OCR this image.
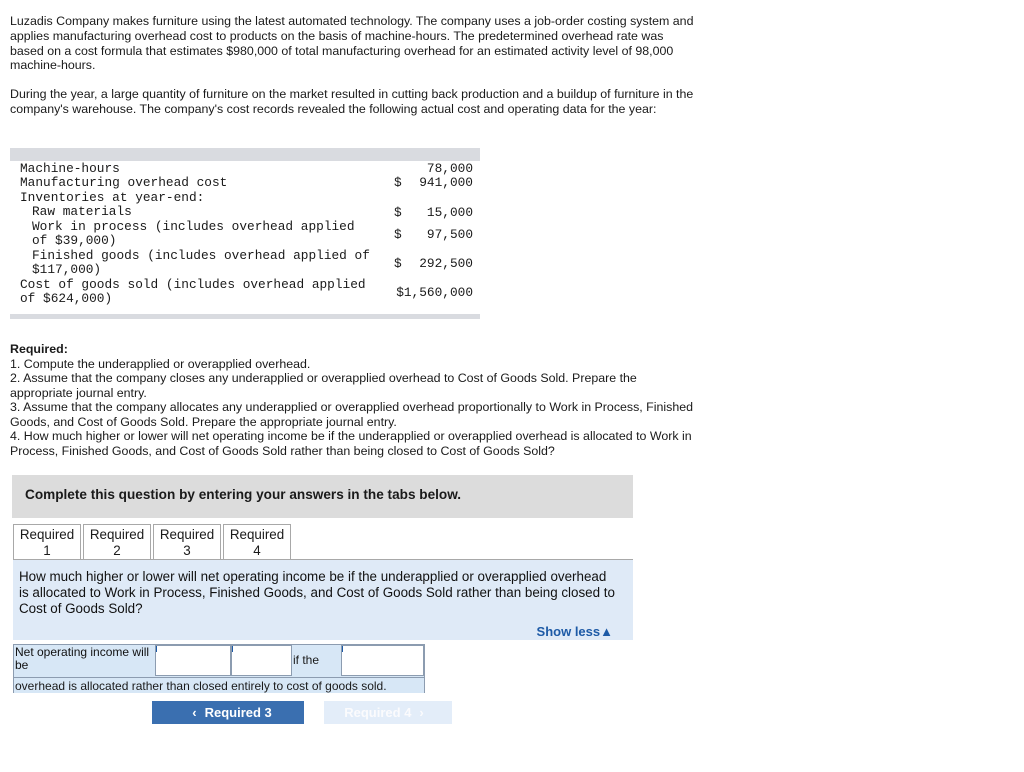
Luzadis Company makes furniture using the latest automated technology. The company uses a job-order costing system and applies manufacturing overhead cost to products on the basis of machine-hours. The predetermined overhead rate was based on a cost formula that estimates $980,000 of total manufacturing overhead for an estimated activity level of 98,000 machine-hours.
During the year, a large quantity of furniture on the market resulted in cutting back production and a buildup of furniture in the company's warehouse. The company's cost records revealed the following actual cost and operating data for the year:
Machine-hours	78,000
Manufacturing overhead cost	$ 941,000
Inventories at year-end:
Raw materials	$ 15,000
Work in process (includes overhead applied
of $39,000)	$ 97,500
Finished goods (includes overhead applied of
$117,000)	$ 292,500
Cost of goods sold (includes overhead applied
of $624,000)	$1,560,000
Required:
1. Compute the underapplied or overapplied overhead.
2. Assume that the company closes any underapplied or overapplied overhead to Cost of Goods Sold. Prepare the appropriate journal entry.
3. Assume that the company allocates any underapplied or overapplied overhead proportionally to Work in Process, Finished Goods, and Cost of Goods Sold. Prepare the appropriate journal entry.
4. How much higher or lower will net operating income be if the underapplied or overapplied overhead is allocated to Work in Process, Finished Goods, and Cost of Goods Sold rather than being closed to Cost of Goods Sold?
Complete this question by entering your answers in the tabs below.
Required
1
Required
2
Required
3
Required
4
How much higher or lower will net operating income be if the underapplied or overapplied overhead is allocated to Work in Process, Finished Goods, and Cost of Goods Sold rather than being closed to Cost of Goods Sold?
Show less▲
Net operating income will be	if the
overhead is allocated rather than closed entirely to cost of goods sold.
‹ Required 3	Required 4 ›
